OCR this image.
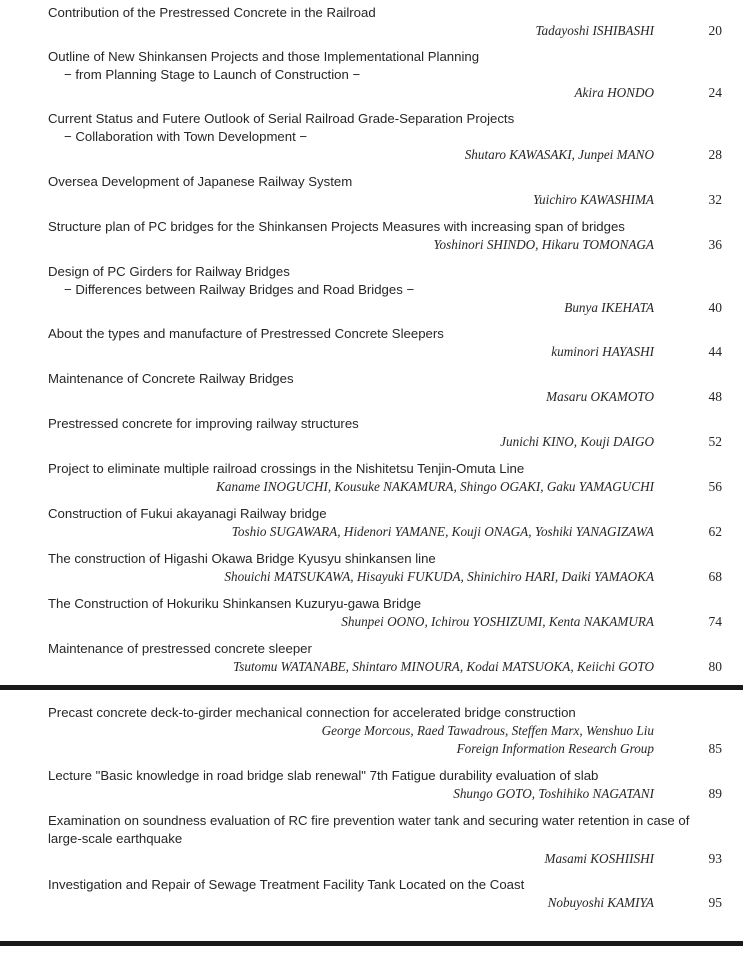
Contribution of the Prestressed Concrete in the Railroad
Tadayoshi ISHIBASHI	20
Outline of New Shinkansen Projects and those Implementational Planning
− from Planning Stage to Launch of Construction −
Akira HONDO	24
Current Status and Futere Outlook of Serial Railroad Grade-Separation Projects
− Collaboration with Town Development −
Shutaro KAWASAKI, Junpei MANO	28
Oversea Development of Japanese Railway System
Yuichiro KAWASHIMA	32
Structure plan of PC bridges for the Shinkansen Projects Measures with increasing span of bridges
Yoshinori SHINDO, Hikaru TOMONAGA	36
Design of PC Girders for Railway Bridges
− Differences between Railway Bridges and Road Bridges −
Bunya IKEHATA	40
About the types and manufacture of Prestressed Concrete Sleepers
kuminori HAYASHI	44
Maintenance of Concrete Railway Bridges
Masaru OKAMOTO	48
Prestressed concrete for improving railway structures
Junichi KINO, Kouji DAIGO	52
Project to eliminate multiple railroad crossings in the Nishitetsu Tenjin-Omuta Line
Kaname INOGUCHI, Kousuke NAKAMURA, Shingo OGAKI, Gaku YAMAGUCHI	56
Construction of Fukui akayanagi Railway bridge
Toshio SUGAWARA, Hidenori YAMANE, Kouji ONAGA, Yoshiki YANAGIZAWA	62
The construction of Higashi Okawa Bridge Kyusyu shinkansen line
Shouichi MATSUKAWA, Hisayuki FUKUDA, Shinichiro HARI, Daiki YAMAOKA	68
The Construction of Hokuriku Shinkansen Kuzuryu-gawa Bridge
Shunpei OONO, Ichirou YOSHIZUMI, Kenta NAKAMURA	74
Maintenance of prestressed concrete sleeper
Tsutomu WATANABE, Shintaro MINOURA, Kodai MATSUOKA, Keiichi GOTO	80
Precast concrete deck-to-girder mechanical connection for accelerated bridge construction
George Morcous, Raed Tawadrous, Steffen Marx, Wenshuo Liu
Foreign Information Research Group	85
Lecture "Basic knowledge in road bridge slab renewal" 7th Fatigue durability evaluation of slab
Shungo GOTO, Toshihiko NAGATANI	89
Examination on soundness evaluation of RC fire prevention water tank and securing water retention in case of large-scale earthquake
Masami KOSHIISHI	93
Investigation and Repair of Sewage Treatment Facility Tank Located on the Coast
Nobuyoshi KAMIYA	95
